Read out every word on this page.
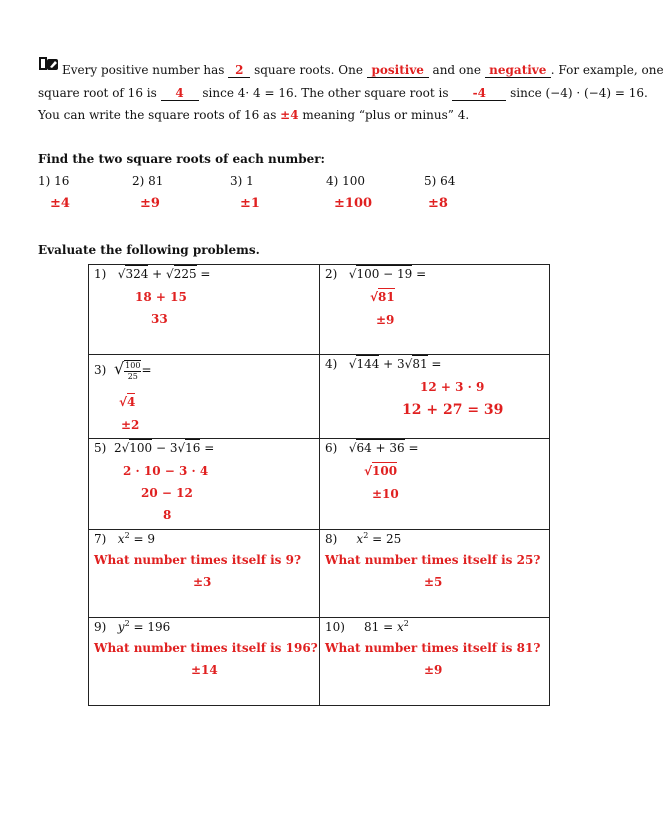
Every positive number has 2 square roots. One positive and one negative . For example, one
square root of 16 is 4 since 4· 4 = 16. The other square root is -4 since (−4) · (−4) = 16.
You can write the square roots of 16 as ±4 meaning “plus or minus” 4.
Find the two square roots of each number:
1) 16	2) 81	3) 1	4) 100	5) 64
±4	±9	±1	±100	±8
Evaluate the following problems.
1) √324 + √225 =
18 + 15
33
2) √100 − 19 =
√81
±9
3) √ $\frac{100}{25}$ =
√4
±2
4) √144 + 3√81 =
12 + 3 · 9
12 + 27 = 39
5) 2√100 − 3√16 =
2 · 10 − 3 · 4
20 − 12
8
6) √64 + 36 =
√100
±10
7) $x^2 = 9$
What number times itself is 9?
±3
8) $x^2 = 25$
What number times itself is 25?
±5
9) $y^2 = 196$
What number times itself is 196?
±14
10) $81 = x^2$
What number times itself is 81?
±9
